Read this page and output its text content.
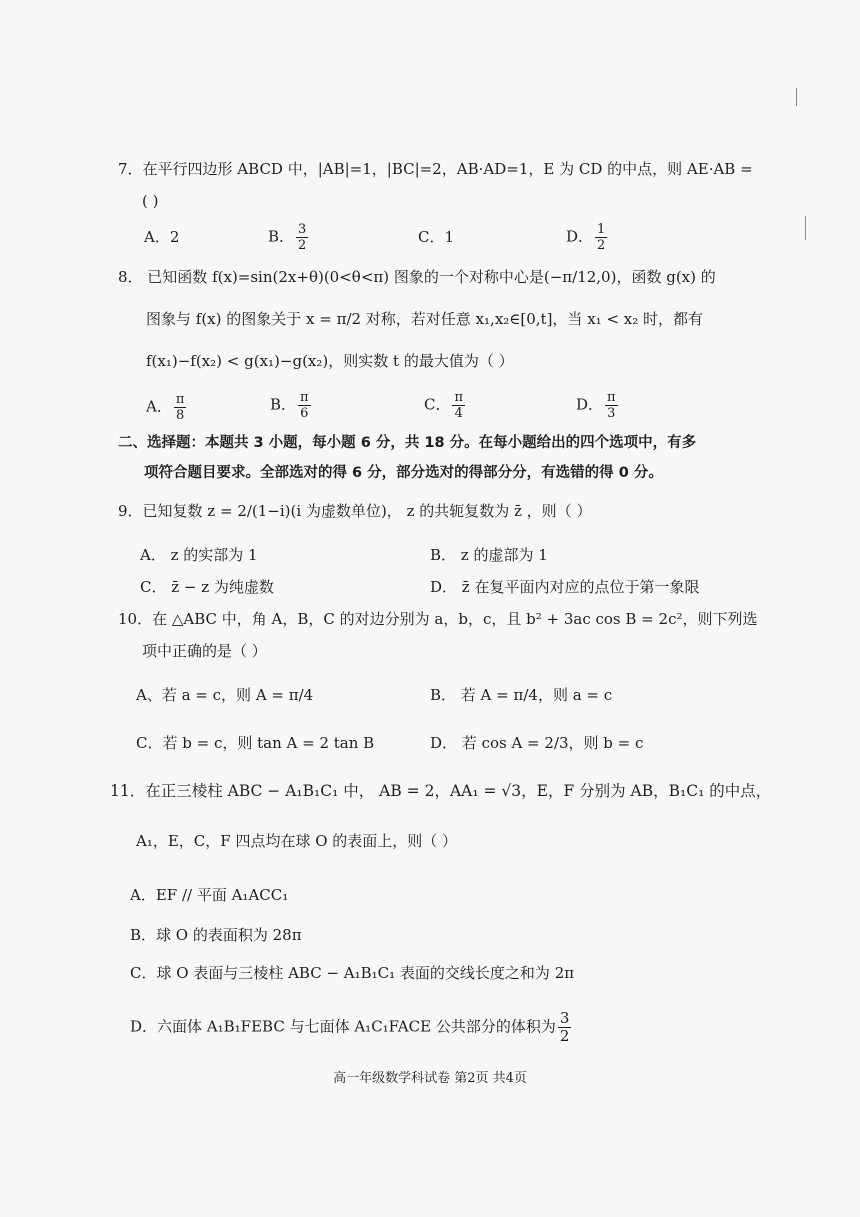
7．在平行四边形 ABCD 中，|AB|=1，|BC|=2，AB·AD=1，E 为 CD 的中点，则 AE·AB =
( )
A．2	B． $\frac{3}{2}$	C．1	D． $\frac{1}{2}$
8． 已知函数 f(x)=sin(2x+θ)(0<θ<π) 图象的一个对称中心是(−π/12,0)，函数 g(x) 的
图象与 f(x) 的图象关于 x = π/2 对称，若对任意 x₁,x₂∈[0,t]，当 x₁ < x₂ 时，都有
f(x₁)−f(x₂) < g(x₁)−g(x₂)，则实数 t 的最大值为（ ）
A． $\frac{\pi}{8}$	B． $\frac{\pi}{6}$	C． $\frac{\pi}{4}$	D． $\frac{\pi}{3}$
二、选择题：本题共 3 小题，每小题 6 分，共 18 分。在每小题给出的四个选项中，有多
项符合题目要求。全部选对的得 6 分，部分选对的得部分分，有选错的得 0 分。
9．已知复数 z = 2/(1−i)(i 为虚数单位)， z 的共轭复数为 z̄ ，则（ ）
A． z 的实部为 1	B． z 的虚部为 1
C． z̄ − z 为纯虚数	D． z̄ 在复平面内对应的点位于第一象限
10．在 △ABC 中，角 A，B，C 的对边分别为 a，b，c，且 b² + 3ac cos B = 2c²，则下列选
项中正确的是（ ）
A、若 a = c，则 A = π/4	B． 若 A = π/4，则 a = c
C．若 b = c，则 tan A = 2 tan B	D． 若 cos A = 2/3，则 b = c
11．在正三棱柱 ABC − A₁B₁C₁ 中， AB = 2，AA₁ = √3，E，F 分别为 AB，B₁C₁ 的中点，
A₁，E，C，F 四点均在球 O 的表面上，则（ ）
A．EF // 平面 A₁ACC₁
B．球 O 的表面积为 28π
C．球 O 表面与三棱柱 ABC − A₁B₁C₁ 表面的交线长度之和为 2π
D．六面体 A₁B₁FEBC 与七面体 A₁C₁FACE 公共部分的体积为 $\frac{3}{2}$
高一年级数学科试卷 第2页 共4页
